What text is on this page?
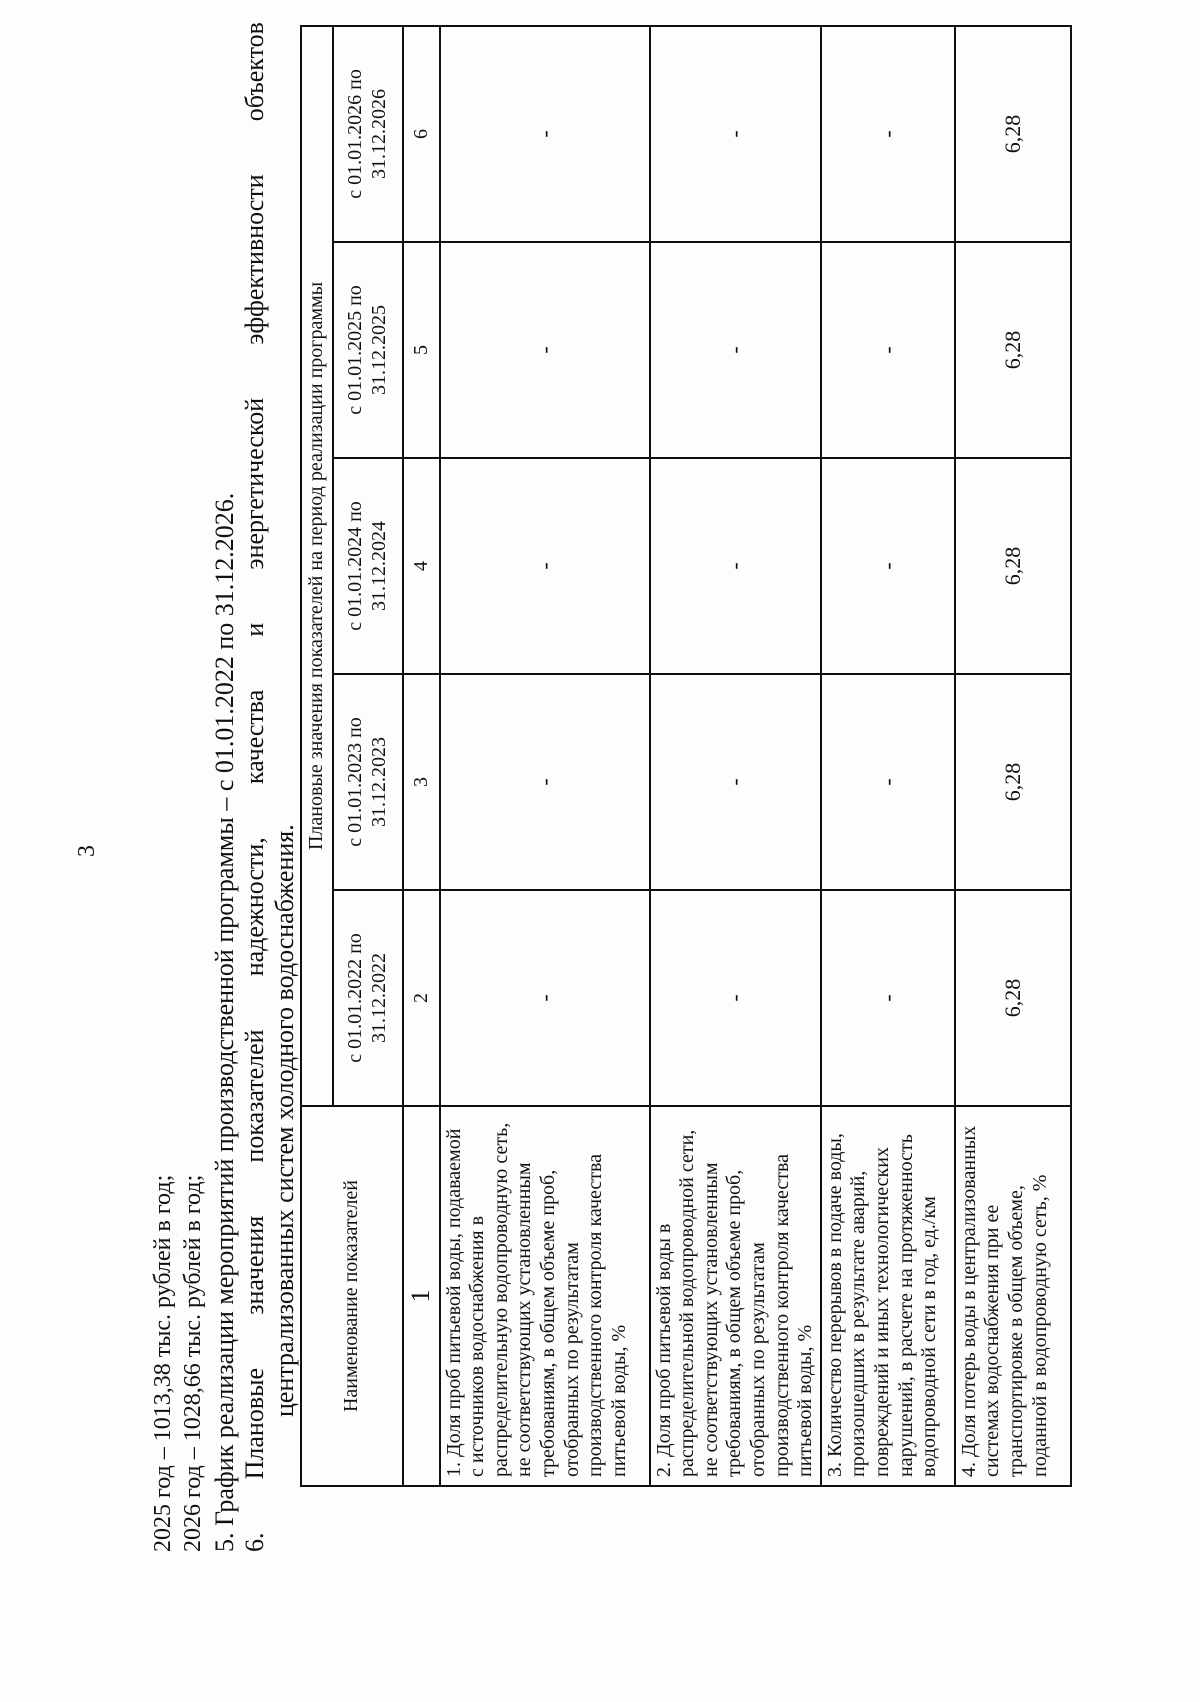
3
2025 год – 1013,38 тыс. рублей в год; 2026 год – 1028,66 тыс. рублей в год; 5. График реализации мероприятий производственной программы – с 01.01.2022 по 31.12.2026. 6.
Плановые
значения
показателей
надежности,
качества
и
энергетической
эффективности
объектов
централизованных систем холодного водоснабжения. Наименование показателей	Плановые значения показателей на период реализации программы				
	с 01.01.2022 по 31.12.2022	с 01.01.2023 по 31.12.2023	с 01.01.2024 по 31.12.2024	с 01.01.2025 по 31.12.2025	с 01.01.2026 по 31.12.2026
1	2	3	4	5	6
1. Доля проб питьевой воды, подаваемой с источников водоснабжения в распределительную водопроводную сеть, не соответствующих установленным требованиям, в общем объеме проб, отобранных по результатам производственного контроля качества питьевой воды, %	-	-	-	-	-
2. Доля проб питьевой воды в распределительной водопроводной сети, не соответствующих установленным требованиям, в общем объеме проб, отобранных по результатам производственного контроля качества питьевой воды, %	-	-	-	-	-
3. Количество перерывов в подаче воды, произошедших в результате аварий, повреждений и иных технологических нарушений, в расчете на протяженность водопроводной сети в год, ед./км	-	-	-	-	-
4. Доля потерь воды в централизованных системах водоснабжения при ее транспортировке в общем объеме, поданной в водопроводную сеть, %	6,28	6,28	6,28	6,28	6,28
